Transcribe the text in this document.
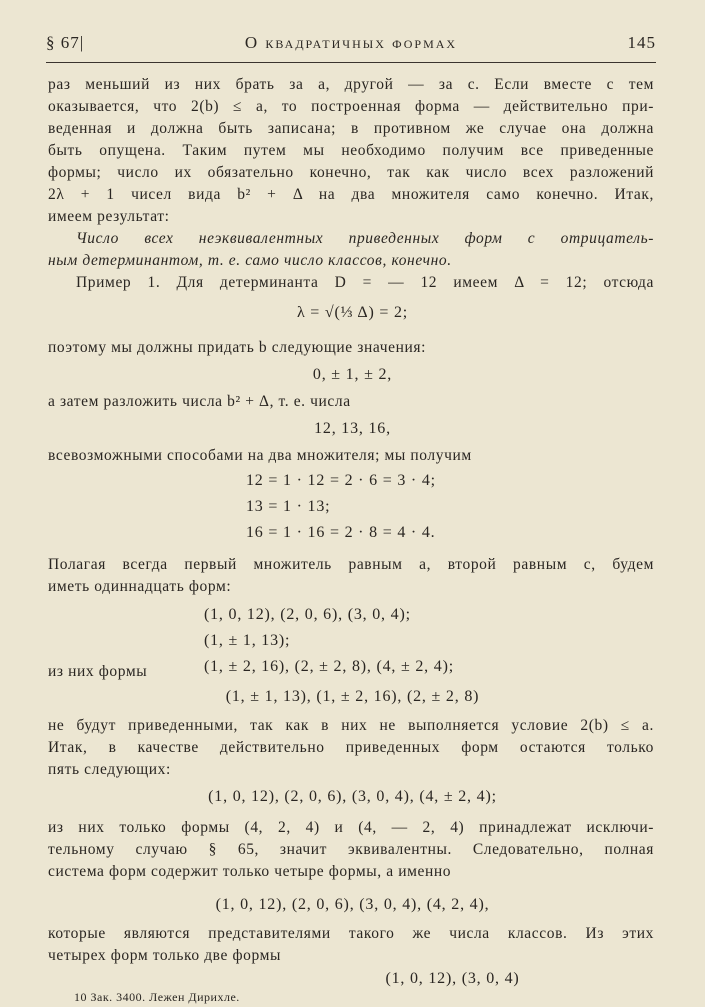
О квадратичных формах
§ 67|	145
раз меньший из них брать за a, другой — за c. Если вместе с тем
оказывается, что 2(b) ≤ a, то построенная форма — действительно при-
веденная и должна быть записана; в противном же случае она должна
быть опущена. Таким путем мы необходимо получим все приведенные
формы; число их обязательно конечно, так как число всех разложений
2λ + 1 чисел вида b² + Δ на два множителя само конечно. Итак,
имеем результат:
Число всех неэквивалентных приведенных форм с отрицатель-
ным детерминантом, т. е. само число классов, конечно.
Пример 1. Для детерминанта D = — 12 имеем Δ = 12; отсюда
λ = √(⅓ Δ) = 2;
поэтому мы должны придать b следующие значения:
0, ± 1, ± 2,
а затем разложить числа b² + Δ, т. е. числа
12, 13, 16,
всевозможными способами на два множителя; мы получим
12 = 1 · 12 = 2 · 6 = 3 · 4;
13 = 1 · 13;
16 = 1 · 16 = 2 · 8 = 4 · 4.
Полагая всегда первый множитель равным a, второй равным c, будем
иметь одиннадцать форм:
(1, 0, 12), (2, 0, 6), (3, 0, 4);
(1, ± 1, 13);
(1, ± 2, 16), (2, ± 2, 8), (4, ± 2, 4);
из них формы
(1, ± 1, 13), (1, ± 2, 16), (2, ± 2, 8)
не будут приведенными, так как в них не выполняется условие 2(b) ≤ a.
Итак, в качестве действительно приведенных форм остаются только
пять следующих:
(1, 0, 12), (2, 0, 6), (3, 0, 4), (4, ± 2, 4);
из них только формы (4, 2, 4) и (4, — 2, 4) принадлежат исключи-
тельному случаю § 65, значит эквивалентны. Следовательно, полная
система форм содержит только четыре формы, а именно
(1, 0, 12), (2, 0, 6), (3, 0, 4), (4, 2, 4),
которые являются представителями такого же числа классов. Из этих
четырех форм только две формы
(1, 0, 12), (3, 0, 4)
10 Зак. 3400. Лежен Дирихле.
